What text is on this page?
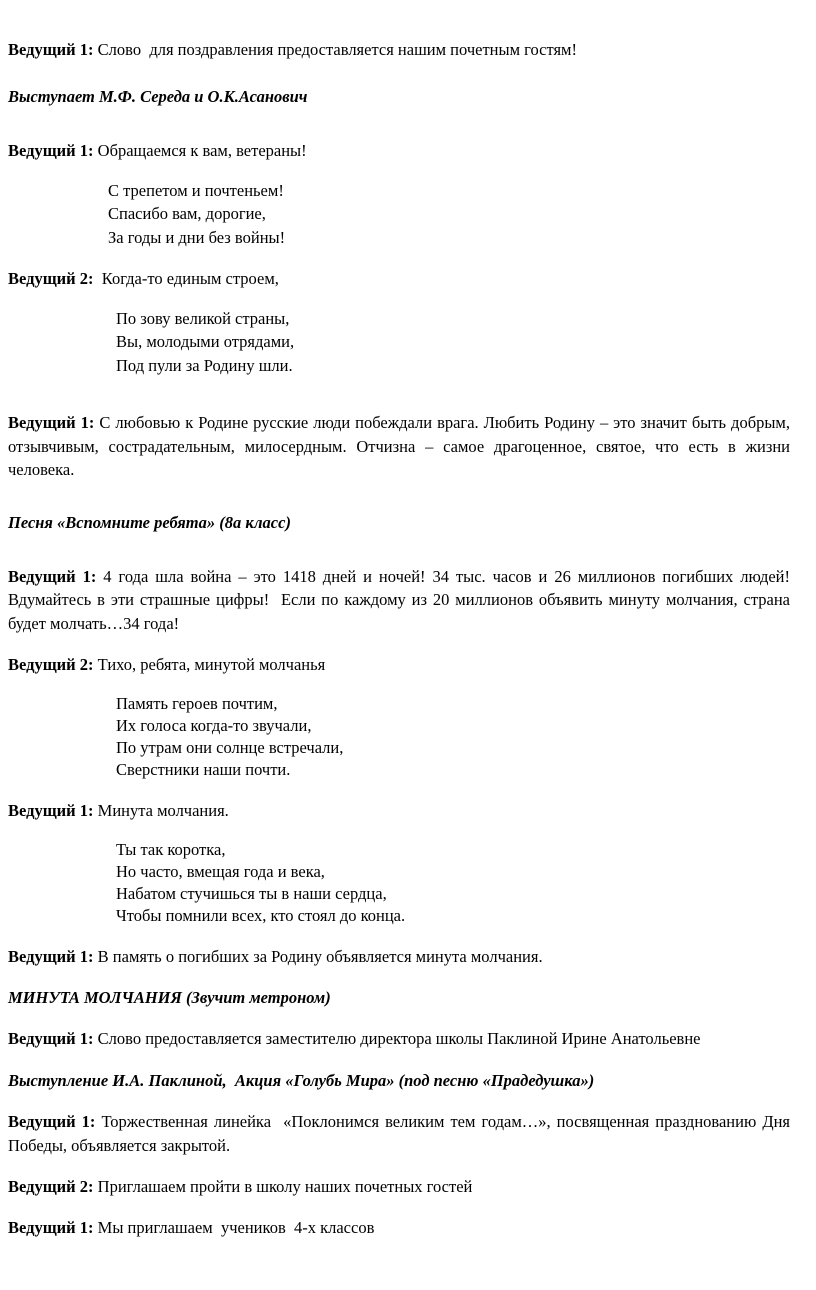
Ведущий 1: Слово  для поздравления предоставляется нашим почетным гостям!

Выступает М.Ф. Середа и О.К.Асанович

Ведущий 1: Обращаемся к вам, ветераны!

С трепетом и почтеньем!
Спасибо вам, дорогие,
За годы и дни без войны!

Ведущий 2:  Когда-то единым строем,

По зову великой страны,
Вы, молодыми отрядами,
Под пули за Родину шли.

Ведущий 1: С любовью к Родине русские люди побеждали врага. Любить Родину – это значит быть добрым, отзывчивым, сострадательным, милосердным. Отчизна – самое драгоценное, святое, что есть в жизни человека.

Песня «Вспомните ребята» (8а класс)

Ведущий 1: 4 года шла война – это 1418 дней и ночей! 34 тыс. часов и 26 миллионов погибших людей! Вдумайтесь в эти страшные цифры!  Если по каждому из 20 миллионов объявить минуту молчания, страна будет молчать…34 года!

Ведущий 2: Тихо, ребята, минутой молчанья

Память героев почтим,
Их голоса когда-то звучали,
По утрам они солнце встречали,
Сверстники наши почти.

Ведущий 1: Минута молчания.

Ты так коротка,
Но часто, вмещая года и века,
Набатом стучишься ты в наши сердца,
Чтобы помнили всех, кто стоял до конца.

Ведущий 1: В память о погибших за Родину объявляется минута молчания.

МИНУТА МОЛЧАНИЯ (Звучит метроном)

Ведущий 1: Слово предоставляется заместителю директора школы Паклиной Ирине Анатольевне

Выступление И.А. Паклиной,  Акция «Голубь Мира» (под песню «Прадедушка»)

Ведущий 1: Торжественная линейка  «Поклонимся великим тем годам…», посвященная празднованию Дня Победы, объявляется закрытой.

Ведущий 2: Приглашаем пройти в школу наших почетных гостей

Ведущий 1: Мы приглашаем  учеников  4-х классов
